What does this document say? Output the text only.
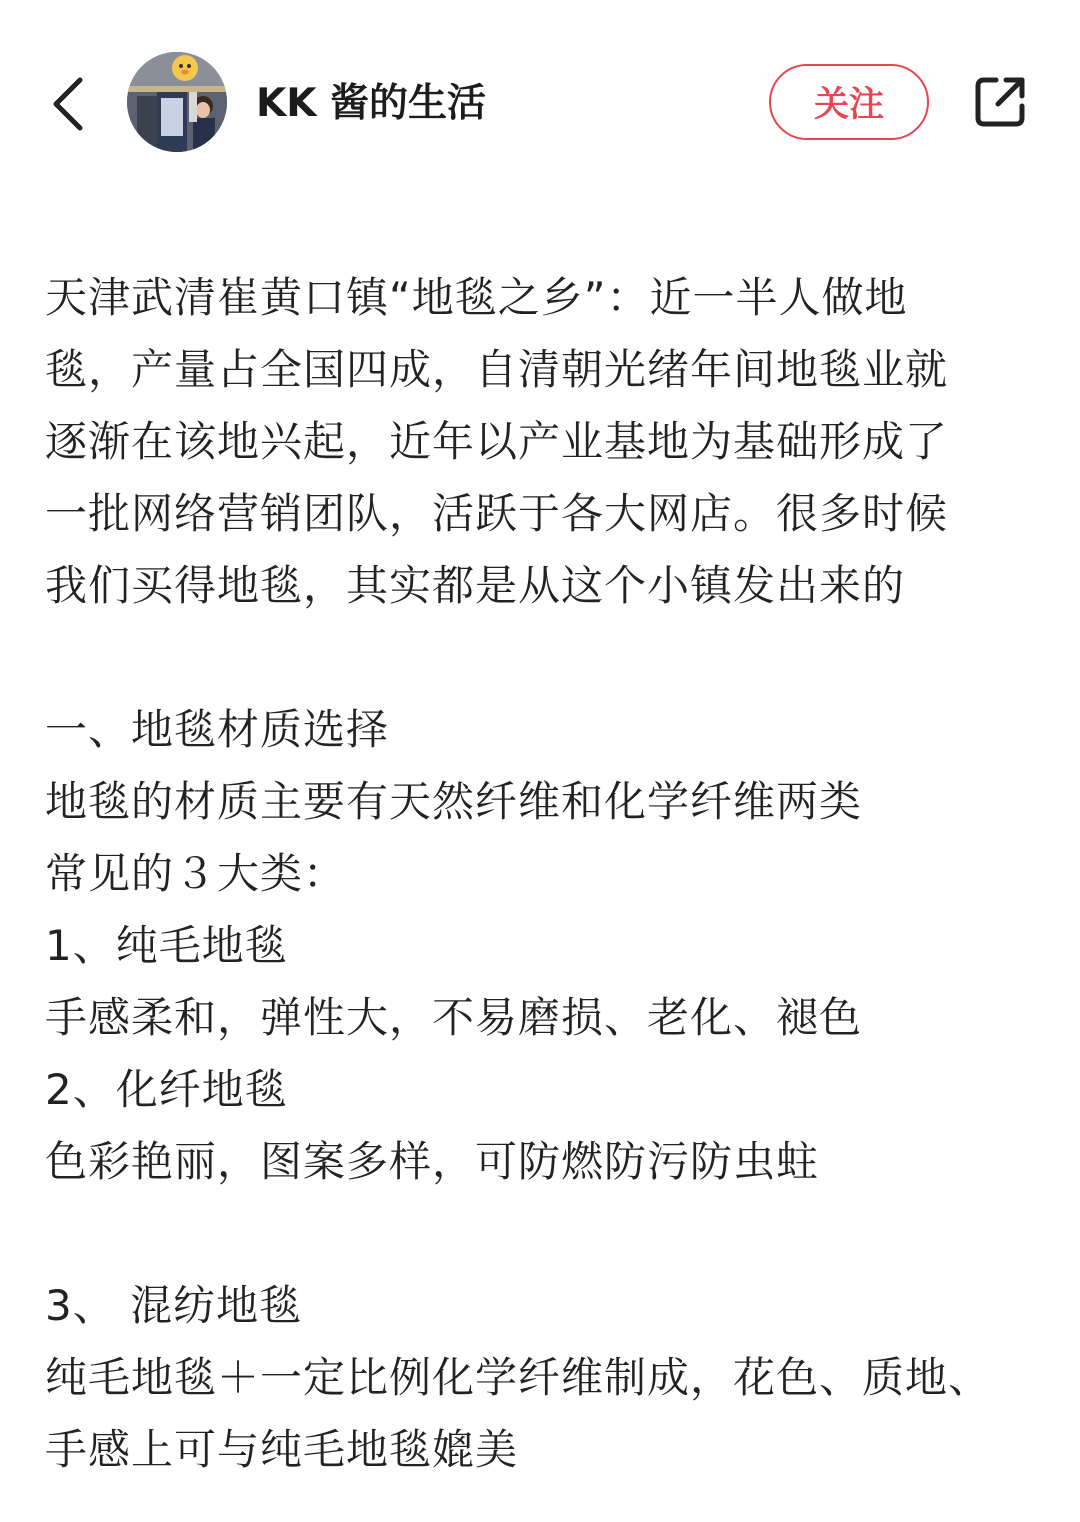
KK 酱的生活	关注
天津武清崔黄口镇“地毯之乡”：近一半人做地
毯，产量占全国四成，自清朝光绪年间地毯业就
逐渐在该地兴起，近年以产业基地为基础形成了
一批网络营销团队，活跃于各大网店。很多时候
我们买得地毯，其实都是从这个小镇发出来的
一、地毯材质选择
地毯的材质主要有天然纤维和化学纤维两类
常见的３大类：
1、纯毛地毯
手感柔和，弹性大，不易磨损、老化、褪色
2、化纤地毯
色彩艳丽，图案多样，可防燃防污防虫蛀
3、 混纺地毯
纯毛地毯＋一定比例化学纤维制成，花色、质地、
手感上可与纯毛地毯媲美
